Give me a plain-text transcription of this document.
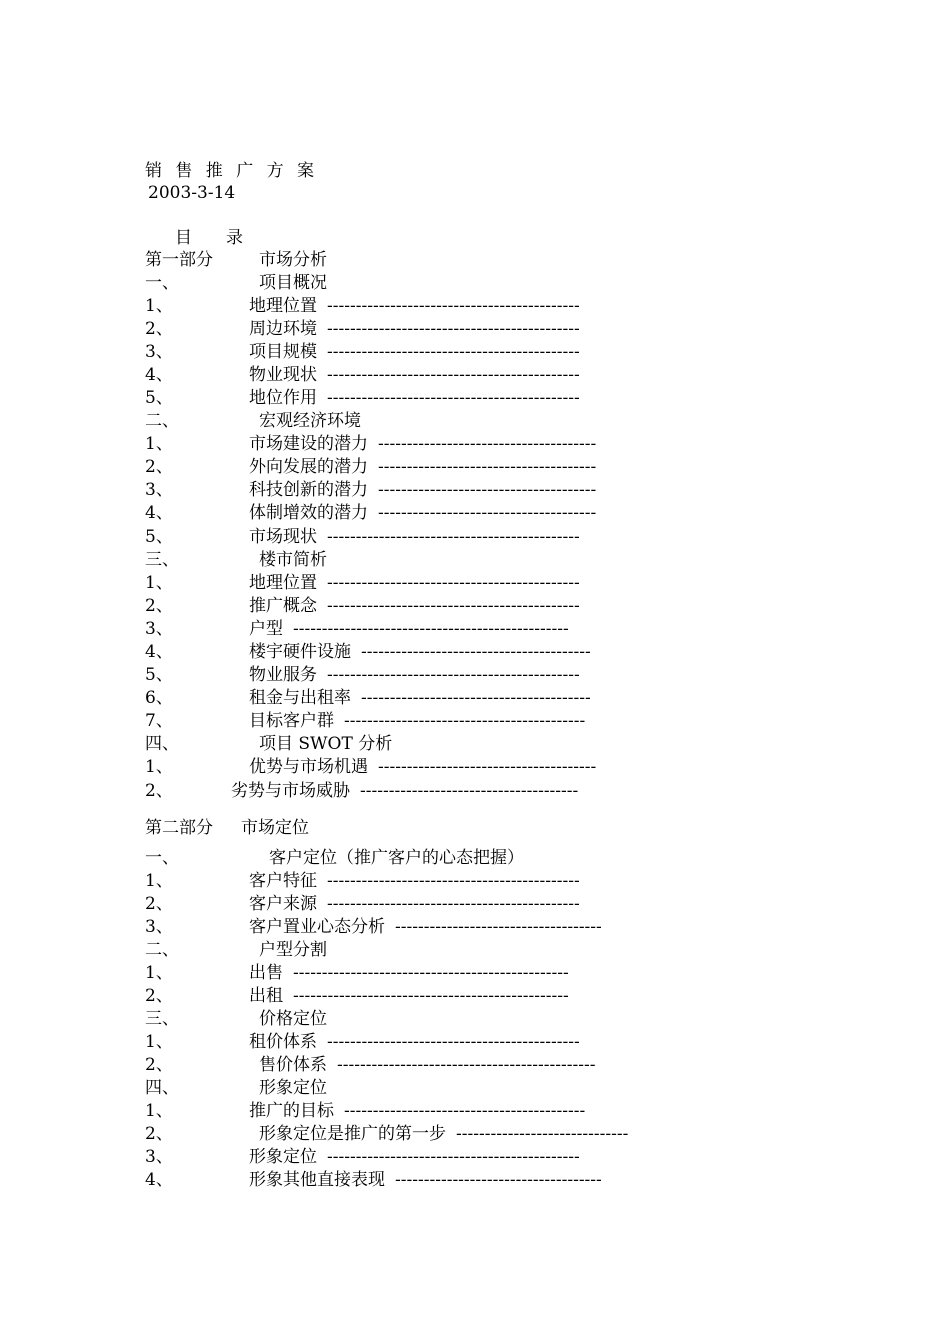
销 售 推 广 方 案
2003-3-14
目　　录
第一部分	市场分析
一、	项目概况
1、	地理位置 --------------------------------------------
2、	周边环境 --------------------------------------------
3、	项目规模 --------------------------------------------
4、	物业现状 --------------------------------------------
5、	地位作用 --------------------------------------------
二、	宏观经济环境
1、	市场建设的潜力 --------------------------------------
2、	外向发展的潜力 --------------------------------------
3、	科技创新的潜力 --------------------------------------
4、	体制增效的潜力 --------------------------------------
5、	市场现状 --------------------------------------------
三、	楼市简析
1、	地理位置 --------------------------------------------
2、	推广概念 --------------------------------------------
3、	户型 ------------------------------------------------
4、	楼宇硬件设施 ----------------------------------------
5、	物业服务 --------------------------------------------
6、	租金与出租率 ----------------------------------------
7、	目标客户群 ------------------------------------------
四、	项目 SWOT 分析
1、	优势与市场机遇 --------------------------------------
2、	劣势与市场威胁 --------------------------------------
第二部分 市场定位
一、	客户定位（推广客户的心态把握）
1、	客户特征 --------------------------------------------
2、	客户来源 --------------------------------------------
3、	客户置业心态分析 ------------------------------------
二、	户型分割
1、	出售 ------------------------------------------------
2、	出租 ------------------------------------------------
三、	价格定位
1、	租价体系 --------------------------------------------
2、	售价体系 ---------------------------------------------
四、	形象定位
1、	推广的目标 ------------------------------------------
2、	形象定位是推广的第一步 ------------------------------
3、	形象定位 --------------------------------------------
4、	形象其他直接表现 ------------------------------------
